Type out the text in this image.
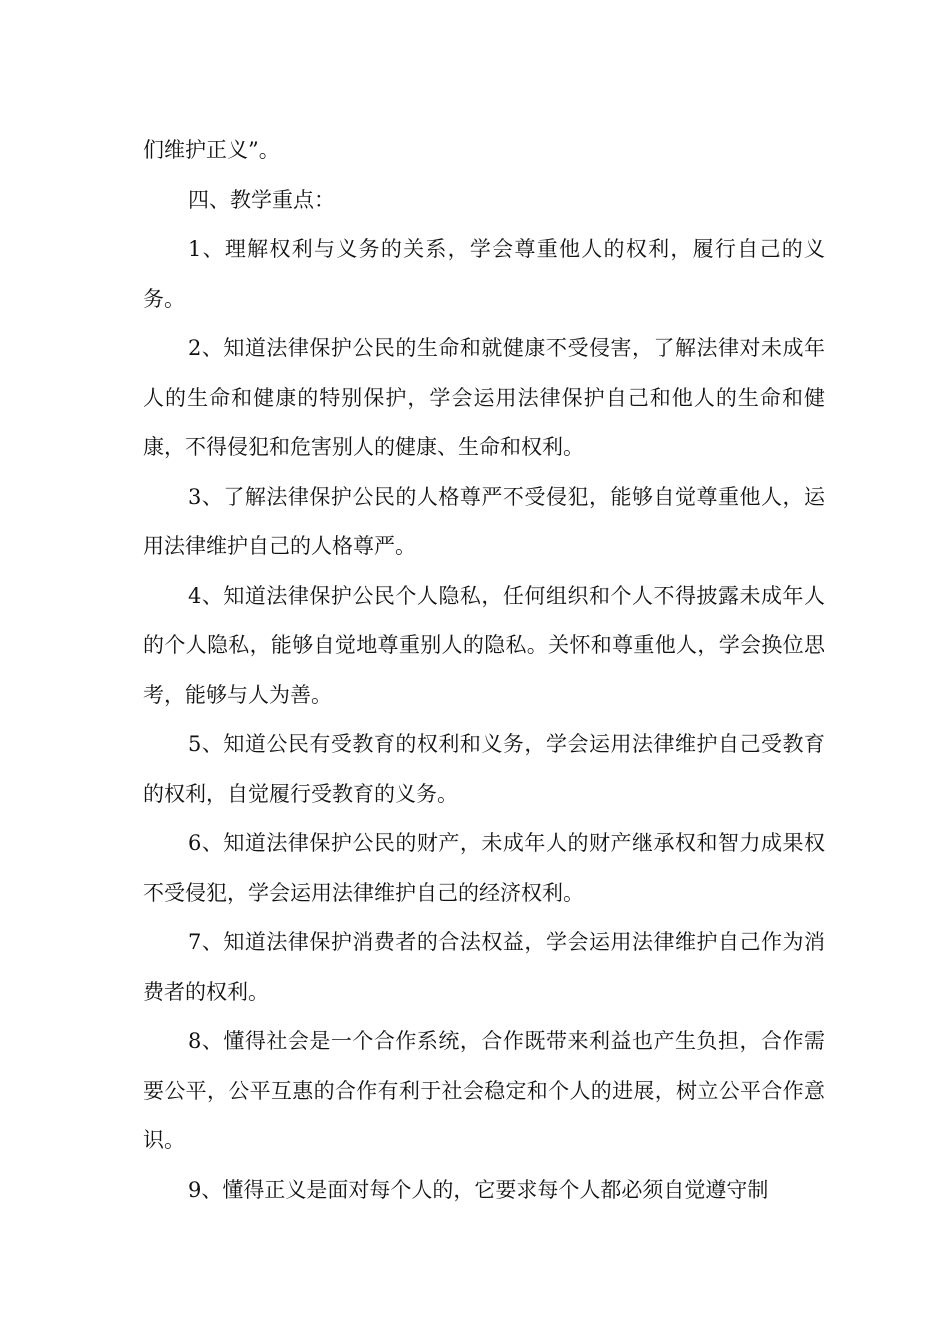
们维护正义”。

四、教学重点：

1、理解权利与义务的关系，学会尊重他人的权利，履行自己的义务。

2、知道法律保护公民的生命和就健康不受侵害，了解法律对未成年人的生命和健康的特别保护，学会运用法律保护自己和他人的生命和健康，不得侵犯和危害别人的健康、生命和权利。

3、了解法律保护公民的人格尊严不受侵犯，能够自觉尊重他人，运用法律维护自己的人格尊严。

4、知道法律保护公民个人隐私，任何组织和个人不得披露未成年人的个人隐私，能够自觉地尊重别人的隐私。关怀和尊重他人，学会换位思考，能够与人为善。

5、知道公民有受教育的权利和义务，学会运用法律维护自己受教育的权利，自觉履行受教育的义务。

6、知道法律保护公民的财产，未成年人的财产继承权和智力成果权不受侵犯，学会运用法律维护自己的经济权利。

7、知道法律保护消费者的合法权益，学会运用法律维护自己作为消费者的权利。

8、懂得社会是一个合作系统，合作既带来利益也产生负担，合作需要公平，公平互惠的合作有利于社会稳定和个人的进展，树立公平合作意识。

9、懂得正义是面对每个人的，它要求每个人都必须自觉遵守制
